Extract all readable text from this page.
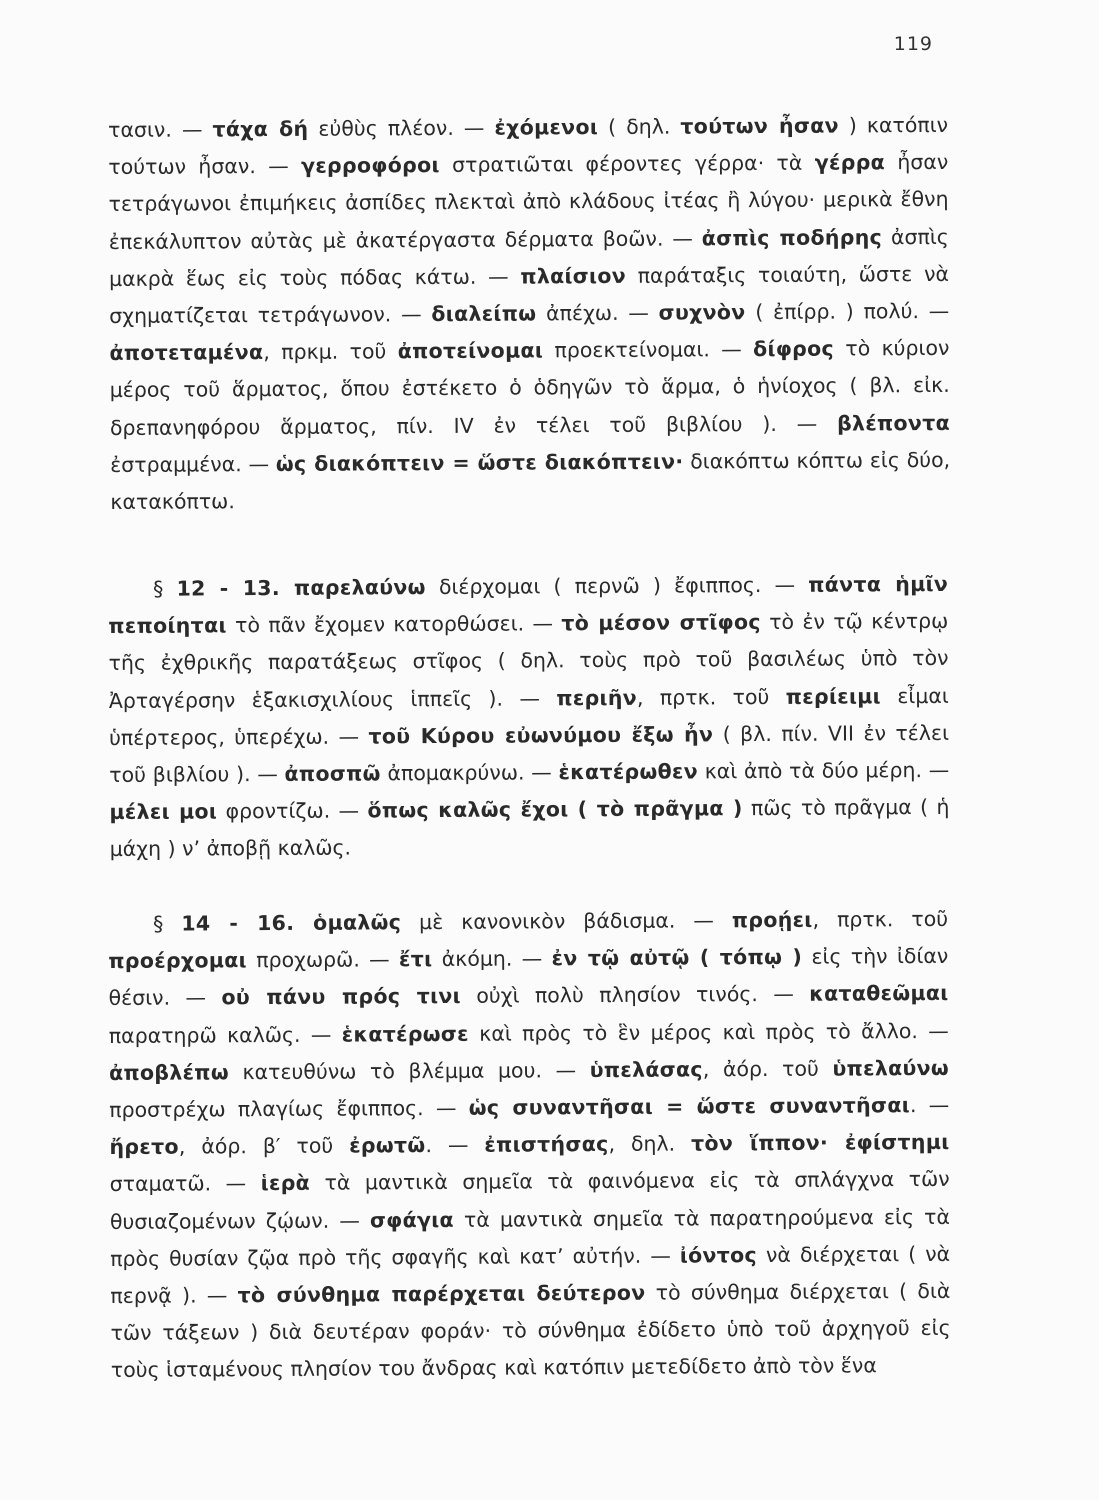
119

τασιν. — τάχα δή εὐθὺς πλέον. — ἐχόμενοι ( δηλ. τούτων ἦσαν ) κατόπιν τούτων ἦσαν. — γερροφόροι στρατιῶται φέροντες γέρρα· τὰ γέρρα ἦσαν τετράγωνοι ἐπιμήκεις ἀσπίδες πλεκταὶ ἀπὸ κλάδους ἰτέας ἢ λύγου· μερικὰ ἔθνη ἐπεκάλυπτον αὐτὰς μὲ ἀκατέργαστα δέρματα βοῶν. — ἀσπὶς ποδήρης ἀσπὶς μακρὰ ἕως εἰς τοὺς πόδας κάτω. — πλαίσιον παράταξις τοιαύτη, ὥστε νὰ σχηματίζεται τετράγωνον. — διαλείπω ἀπέχω. — συχνὸν ( ἐπίρρ. ) πολύ. — ἀποτεταμένα, πρκμ. τοῦ ἀποτείνομαι προεκτείνομαι. — δίφρος τὸ κύριον μέρος τοῦ ἅρματος, ὅπου ἐστέκετο ὁ ὁδηγῶν τὸ ἅρμα, ὁ ἡνίοχος ( βλ. εἰκ. δρεπανηφόρου ἅρματος, πίν. IV ἐν τέλει τοῦ βιβλίου ). — βλέποντα ἐστραμμένα. — ὡς διακόπτειν = ὥστε διακόπτειν· διακόπτω κόπτω εἰς δύο, κατακόπτω.

§ 12 - 13. παρελαύνω διέρχομαι ( περνῶ ) ἔφιππος. — πάντα ἡμῖν πεποίηται τὸ πᾶν ἔχομεν κατορθώσει. — τὸ μέσον στῖφος τὸ ἐν τῷ κέντρῳ τῆς ἐχθρικῆς παρατάξεως στῖφος ( δηλ. τοὺς πρὸ τοῦ βασιλέως ὑπὸ τὸν Ἀρταγέρσην ἑξακισχιλίους ἱππεῖς ). — περιῆν, πρτκ. τοῦ περίειμι εἶμαι ὑπέρτερος, ὑπερέχω. — τοῦ Κύρου εὐωνύμου ἔξω ἦν ( βλ. πίν. VII ἐν τέλει τοῦ βιβλίου ). — ἀποσπῶ ἀπομακρύνω. — ἑκατέρωθεν καὶ ἀπὸ τὰ δύο μέρη. — μέλει μοι φροντίζω. — ὅπως καλῶς ἔχοι ( τὸ πρᾶγμα ) πῶς τὸ πρᾶγμα ( ἡ μάχη ) ν’ ἀποβῇ καλῶς.

§ 14 - 16. ὁμαλῶς μὲ κανονικὸν βάδισμα. — προῄει, πρτκ. τοῦ προέρχομαι προχωρῶ. — ἔτι ἀκόμη. — ἐν τῷ αὐτῷ ( τόπῳ ) εἰς τὴν ἰδίαν θέσιν. — οὐ πάνυ πρός τινι οὐχὶ πολὺ πλησίον τινός. — καταθεῶμαι παρατηρῶ καλῶς. — ἑκατέρωσε καὶ πρὸς τὸ ἓν μέρος καὶ πρὸς τὸ ἄλλο. — ἀποβλέπω κατευθύνω τὸ βλέμμα μου. — ὑπελάσας, ἀόρ. τοῦ ὑπελαύνω προστρέχω πλαγίως ἔφιππος. — ὡς συναντῆσαι = ὥστε συναντῆσαι. — ἤρετο, ἀόρ. β′ τοῦ ἐρωτῶ. — ἐπιστήσας, δηλ. τὸν ἵππον· ἐφίστημι σταματῶ. — ἱερὰ τὰ μαντικὰ σημεῖα τὰ φαινόμενα εἰς τὰ σπλάγχνα τῶν θυσιαζομένων ζῴων. — σφάγια τὰ μαντικὰ σημεῖα τὰ παρατηρούμενα εἰς τὰ πρὸς θυσίαν ζῷα πρὸ τῆς σφαγῆς καὶ κατ’ αὐτήν. — ἰόντος νὰ διέρχεται ( νὰ περνᾷ ). — τὸ σύνθημα παρέρχεται δεύτερον τὸ σύνθημα διέρχεται ( διὰ τῶν τάξεων ) διὰ δευτέραν φοράν· τὸ σύνθημα ἐδίδετο ὑπὸ τοῦ ἀρχηγοῦ εἰς τοὺς ἱσταμένους πλησίον του ἄνδρας καὶ κατόπιν μετεδίδετο ἀπὸ τὸν ἕνα
